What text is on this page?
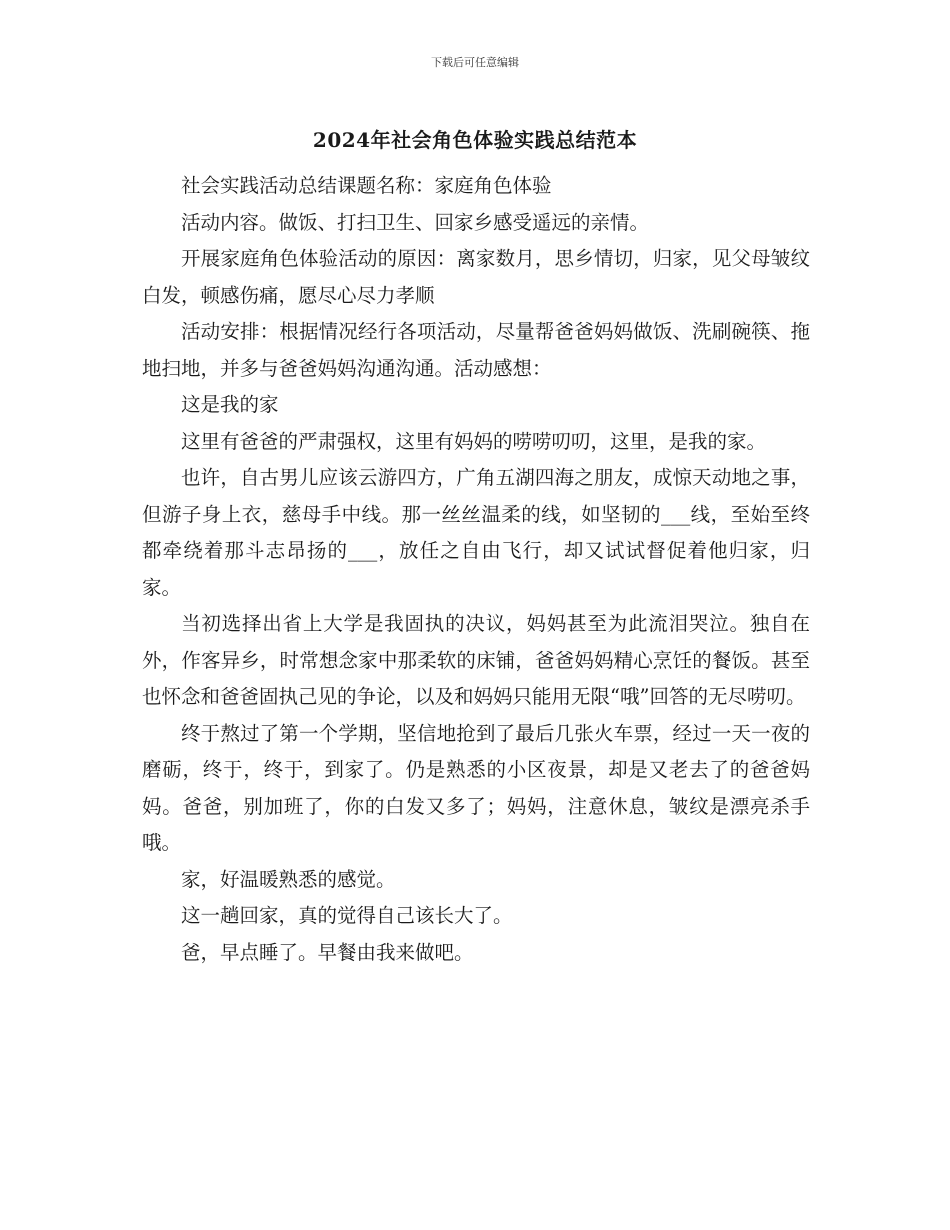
下载后可任意编辑
2024年社会角色体验实践总结范本

社会实践活动总结课题名称：家庭角色体验

活动内容。做饭、打扫卫生、回家乡感受遥远的亲情。

开展家庭角色体验活动的原因：离家数月，思乡情切，归家，见父母皱纹白发，顿感伤痛，愿尽心尽力孝顺

活动安排：根据情况经行各项活动，尽量帮爸爸妈妈做饭、洗刷碗筷、拖地扫地，并多与爸爸妈妈沟通沟通。活动感想：

这是我的家

这里有爸爸的严肃强权，这里有妈妈的唠唠叨叨，这里，是我的家。

也许，自古男儿应该云游四方，广角五湖四海之朋友，成惊天动地之事，但游子身上衣，慈母手中线。那一丝丝温柔的线，如坚韧的___线，至始至终都牵绕着那斗志昂扬的___，放任之自由飞行，却又试试督促着他归家，归家。

当初选择出省上大学是我固执的决议，妈妈甚至为此流泪哭泣。独自在外，作客异乡，时常想念家中那柔软的床铺，爸爸妈妈精心烹饪的餐饭。甚至也怀念和爸爸固执己见的争论，以及和妈妈只能用无限“哦”回答的无尽唠叨。

终于熬过了第一个学期，坚信地抢到了最后几张火车票，经过一天一夜的磨砺，终于，终于，到家了。仍是熟悉的小区夜景，却是又老去了的爸爸妈妈。爸爸，别加班了，你的白发又多了；妈妈，注意休息，皱纹是漂亮杀手哦。

家，好温暖熟悉的感觉。

这一趟回家，真的觉得自己该长大了。

爸，早点睡了。早餐由我来做吧。
